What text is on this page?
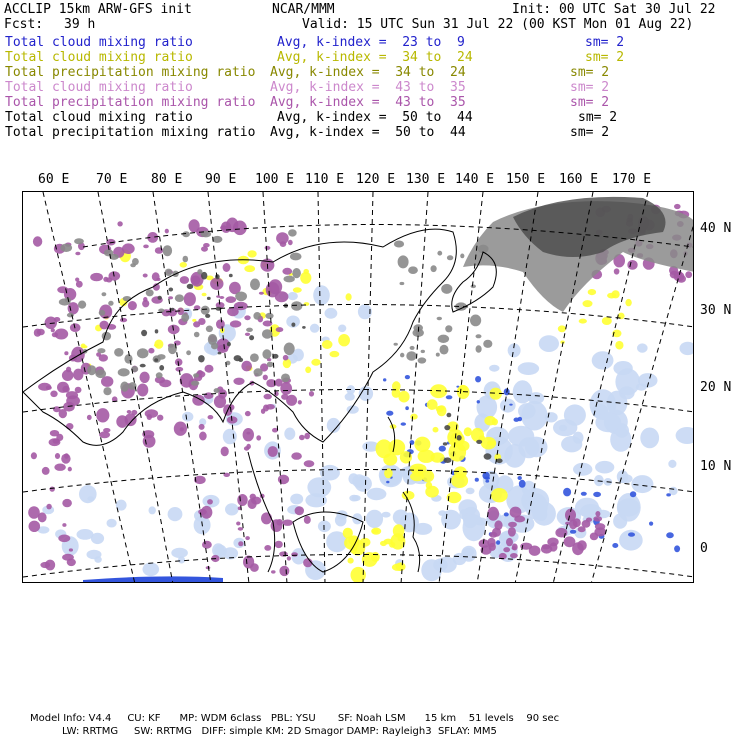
ACCLIP 15km ARW-GFS init	NCAR/MMM	Init: 00 UTC Sat 30 Jul 22
Fcst: 39 h	Valid: 15 UTC Sun 31 Jul 22 (00 KST Mon 01 Aug 22)
Total cloud mixing ratio	Avg, k-index =  23 to  9	sm= 2
Total cloud mixing ratio	Avg, k-index =  34 to  24	sm= 2
Total precipitation mixing ratio Avg, k-index =  34 to  24	sm= 2
Total cloud mixing ratio	Avg, k-index =  43 to  35	sm= 2
Total precipitation mixing ratio Avg, k-index =  43 to  35	sm= 2
Total cloud mixing ratio	Avg, k-index =  50 to  44	sm= 2
Total precipitation mixing ratio Avg, k-index =  50 to  44	sm= 2
60 E 70 E 80 E 90 E 100 E 110 E 120 E 130 E 140 E 150 E 160 E 170 E
40 N
30 N
20 N
10 N
0
Model Info: V4.4     CU: KF      MP: WDM 6class   PBL: YSU       SF: Noah LSM      15 km    51 levels    90 sec
LW: RRTMG     SW: RRTMG   DIFF: simple KM: 2D Smagor DAMP: Rayleigh3  SFLAY: MM5
